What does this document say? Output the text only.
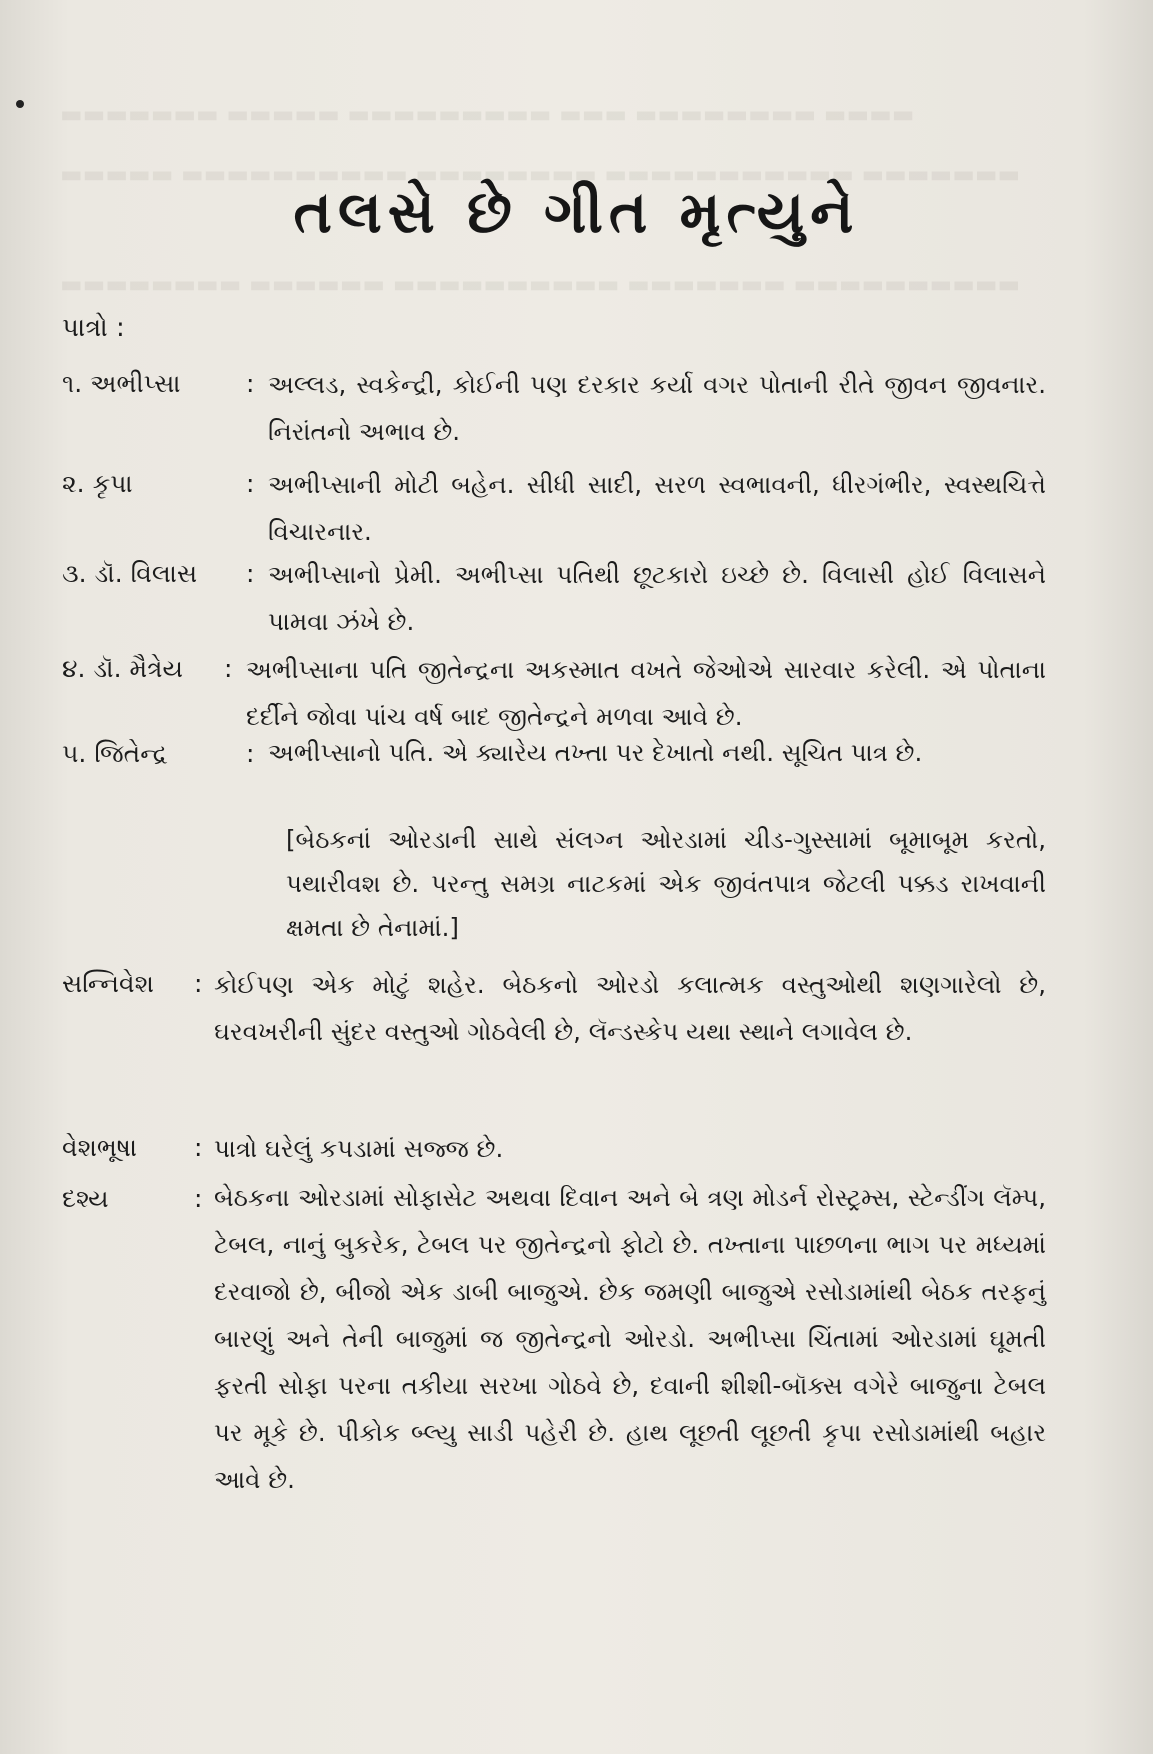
▬▬▬▬▬▬▬ ▬▬▬▬▬ ▬▬▬▬▬▬▬▬▬ ▬▬▬ ▬▬▬▬▬▬▬▬ ▬▬▬▬
▬▬▬▬▬ ▬▬▬▬▬▬▬▬▬▬ ▬▬▬▬▬▬▬▬ ▬▬▬▬▬▬▬▬▬▬▬ ▬▬▬▬▬▬▬
▬▬▬▬▬▬▬▬ ▬▬▬▬▬▬ ▬▬▬▬▬▬▬▬▬▬ ▬▬▬▬▬▬▬ ▬▬▬▬▬▬▬▬▬▬
તલસે છે ગીત મૃત્યુને
પાત્રો :
૧. અભીપ્સા	: અલ્લડ, સ્વકેન્દ્રી, કોઈની પણ દરકાર કર્યા વગર પોતાની રીતે જીવન જીવનાર. નિરાંતનો અભાવ છે.
૨. કૃપા	: અભીપ્સાની મોટી બહેન. સીધી સાદી, સરળ સ્વભાવની, ધીરગંભીર, સ્વસ્થચિત્તે વિચારનાર.
૩. ડૉ. વિલાસ : અભીપ્સાનો પ્રેમી. અભીપ્સા પતિથી છૂટકારો ઇચ્છે છે. વિલાસી હોઈ વિલાસને પામવા ઝંખે છે.
૪. ડૉ. મૈત્રેય : અભીપ્સાના પતિ જીતેન્દ્રના અકસ્માત વખતે જેઓએ સારવાર કરેલી. એ પોતાના દર્દીને જોવા પાંચ વર્ષ બાદ જીતેન્દ્રને મળવા આવે છે.
૫. જિતેન્દ્ર	: અભીપ્સાનો પતિ. એ ક્યારેય તખ્તા પર દેખાતો નથી. સૂચિત પાત્ર છે.
[બેઠકનાં ઓરડાની સાથે સંલગ્ન ઓરડામાં ચીડ-ગુસ્સામાં બૂમાબૂમ કરતો, પથારીવશ છે. પરન્તુ સમગ્ર નાટકમાં એક જીવંતપાત્ર જેટલી પક્કડ રાખવાની ક્ષમતા છે તેનામાં.]
સન્નિવેશ : કોઈપણ એક મોટું શહેર. બેઠકનો ઓરડો કલાત્મક વસ્તુઓથી શણગારેલો છે, ઘરવખરીની સુંદર વસ્તુઓ ગોઠવેલી છે, લૅન્ડસ્કેપ યથા સ્થાને લગાવેલ છે.
વેશભૂષા : પાત્રો ઘરેલું કપડામાં સજ્જ છે.
દશ્ય	: બેઠકના ઓરડામાં સોફાસેટ અથવા દિવાન અને બે ત્રણ મોડર્ન રોસ્ટ્રમ્સ, સ્ટેન્ડીંગ લૅમ્પ, ટેબલ, નાનું બુકરેક, ટેબલ પર જીતેન્દ્રનો ફોટો છે. તખ્તાના પાછળના ભાગ પર મધ્યમાં દરવાજો છે, બીજો એક ડાબી બાજુએ. છેક જમણી બાજુએ રસોડામાંથી બેઠક તરફનું બારણું અને તેની બાજુમાં જ જીતેન્દ્રનો ઓરડો. અભીપ્સા ચિંતામાં ઓરડામાં ઘૂમતી ફરતી સોફા પરના તકીયા સરખા ગોઠવે છે, દવાની શીશી-બૉક્સ વગેરે બાજુના ટેબલ પર મૂકે છે. પીકોક બ્લ્યુ સાડી પહેરી છે. હાથ લૂછતી લૂછતી કૃપા રસોડામાંથી બહાર આવે છે.
